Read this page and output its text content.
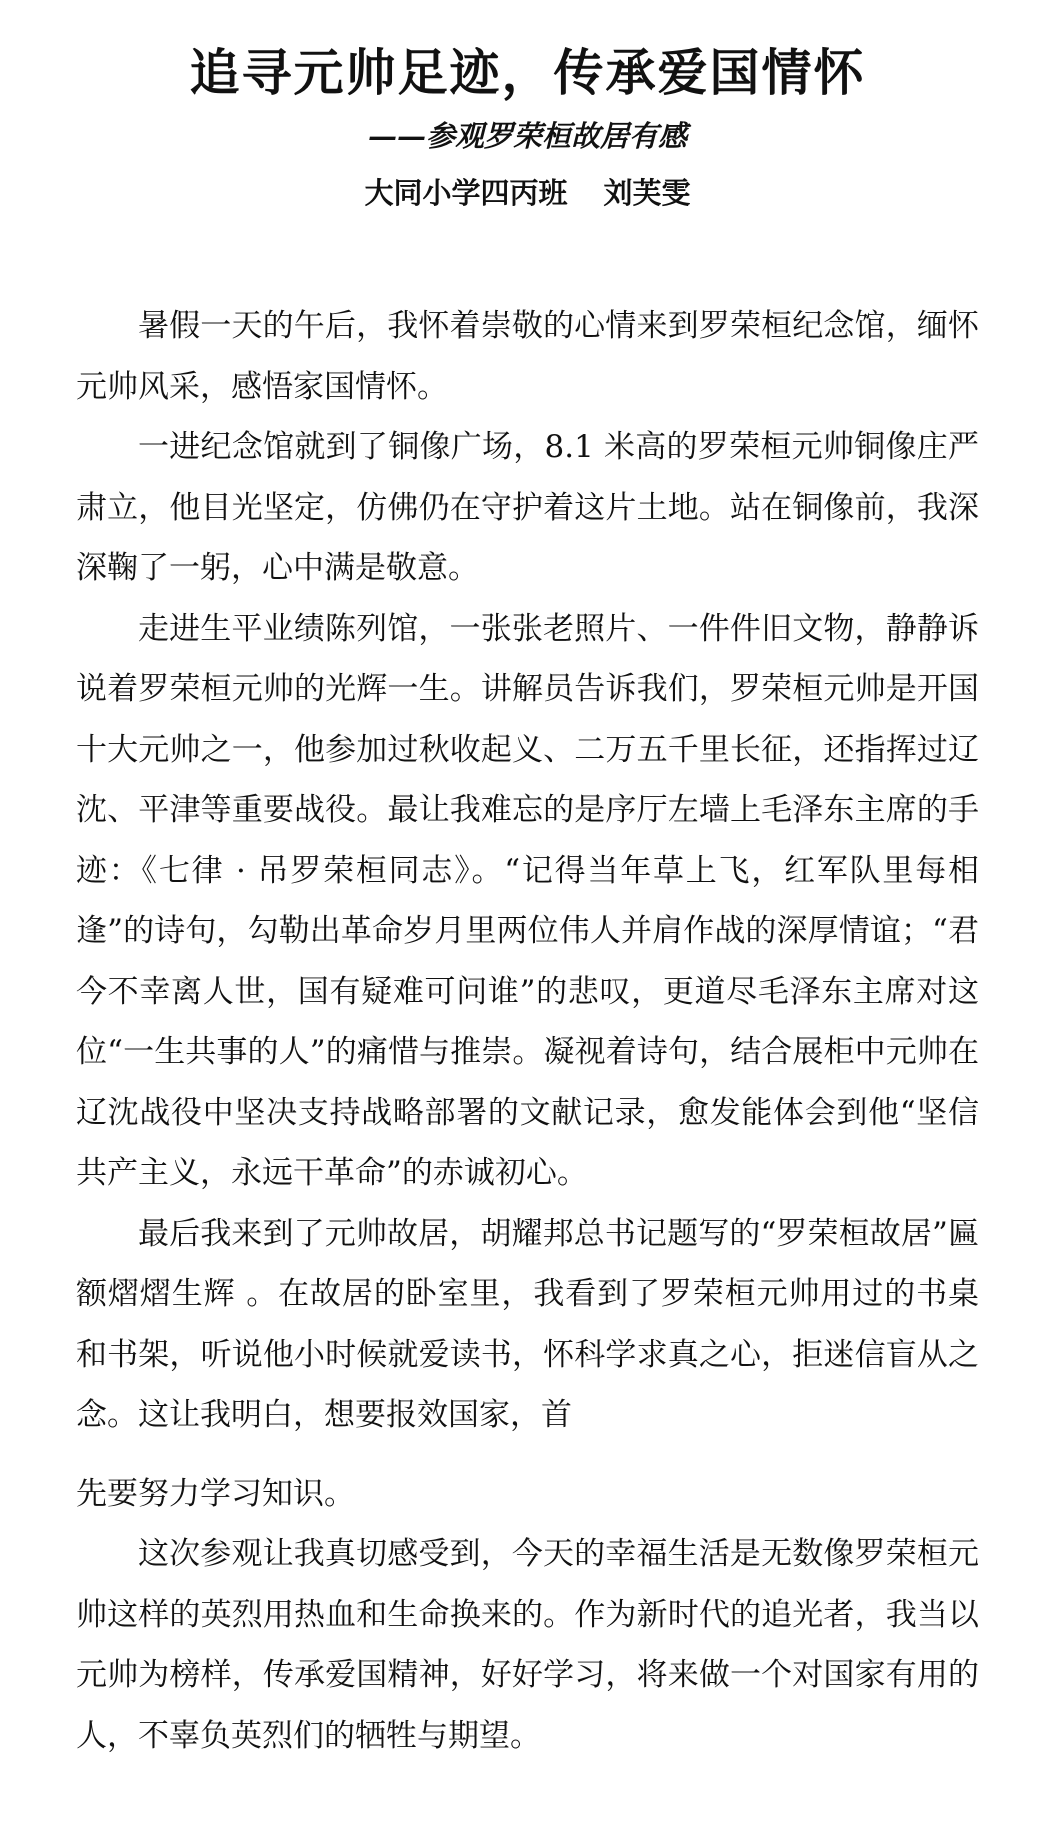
追寻元帅足迹，传承爱国情怀
——参观罗荣桓故居有感
大同小学四丙班 刘芙雯

暑假一天的午后，我怀着崇敬的心情来到罗荣桓纪念馆，缅怀元帅风采，感悟家国情怀。

一进纪念馆就到了铜像广场，8.1 米高的罗荣桓元帅铜像庄严肃立，他目光坚定，仿佛仍在守护着这片土地。站在铜像前，我深深鞠了一躬，心中满是敬意。

走进生平业绩陈列馆，一张张老照片、一件件旧文物，静静诉说着罗荣桓元帅的光辉一生。讲解员告诉我们，罗荣桓元帅是开国十大元帅之一，他参加过秋收起义、二万五千里长征，还指挥过辽沈、平津等重要战役。最让我难忘的是序厅左墙上毛泽东主席的手迹：《七律 · 吊罗荣桓同志》。“记得当年草上飞，红军队里每相逢”的诗句，勾勒出革命岁月里两位伟人并肩作战的深厚情谊；“君今不幸离人世，国有疑难可问谁”的悲叹，更道尽毛泽东主席对这位“一生共事的人”的痛惜与推崇。凝视着诗句，结合展柜中元帅在辽沈战役中坚决支持战略部署的文献记录，愈发能体会到他“坚信共产主义，永远干革命”的赤诚初心。

最后我来到了元帅故居，胡耀邦总书记题写的“罗荣桓故居”匾额熠熠生辉 。在故居的卧室里，我看到了罗荣桓元帅用过的书桌和书架，听说他小时候就爱读书，怀科学求真之心，拒迷信盲从之念。这让我明白，想要报效国家，首

先要努力学习知识。

这次参观让我真切感受到，今天的幸福生活是无数像罗荣桓元帅这样的英烈用热血和生命换来的。作为新时代的追光者，我当以元帅为榜样，传承爱国精神，好好学习，将来做一个对国家有用的人，不辜负英烈们的牺牲与期望。
